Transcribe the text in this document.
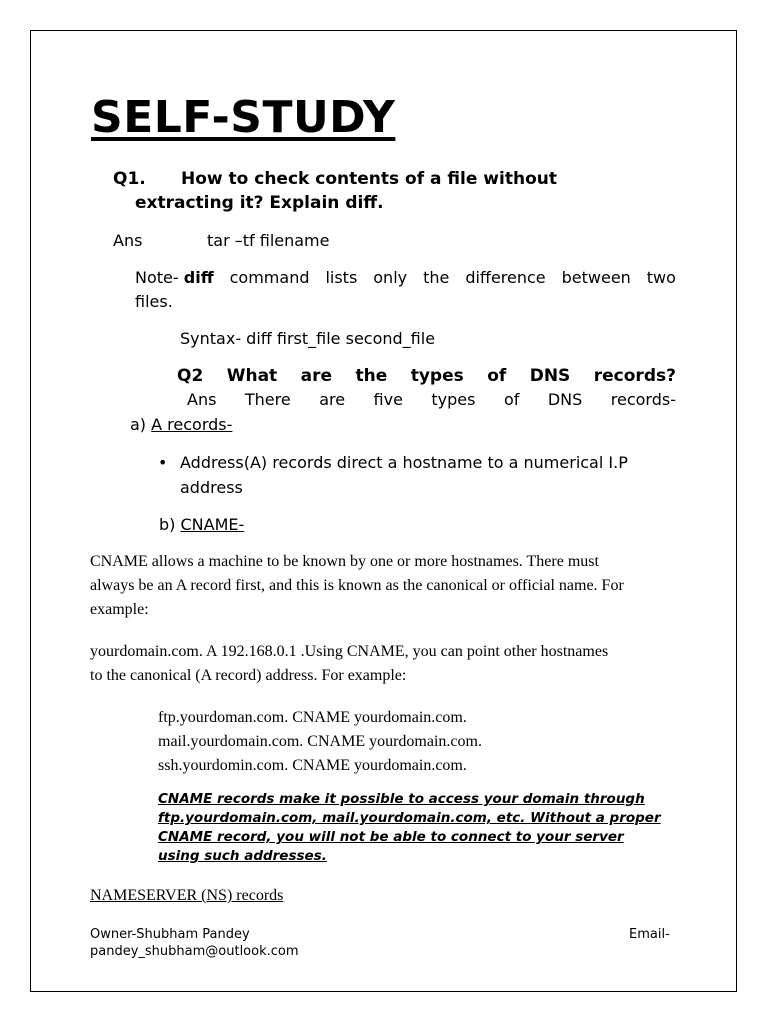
SELF-STUDY
Q1. How to check contents of a file without
extracting it? Explain diff.
Ans	tar –tf filename
Note- diff command lists only the difference between two
files.
Syntax- diff first_file second_file
Q2 What are the types of DNS records?
Ans There are five types of DNS records-
a) A records-
• Address(A) records direct a hostname to a numerical I.P
address
b) CNAME-
CNAME allows a machine to be known by one or more hostnames. There must
always be an A record first, and this is known as the canonical or official name. For
example:
yourdomain.com. A 192.168.0.1 .Using CNAME, you can point other hostnames
to the canonical (A record) address. For example:
ftp.yourdoman.com. CNAME yourdomain.com.
mail.yourdomain.com. CNAME yourdomain.com.
ssh.yourdomin.com. CNAME yourdomain.com.
CNAME records make it possible to access your domain through
ftp.yourdomain.com, mail.yourdomain.com, etc. Without a proper
CNAME record, you will not be able to connect to your server
using such addresses.
NAMESERVER (NS) records
Owner-Shubham Pandey	Email-
pandey_shubham@outlook.com
